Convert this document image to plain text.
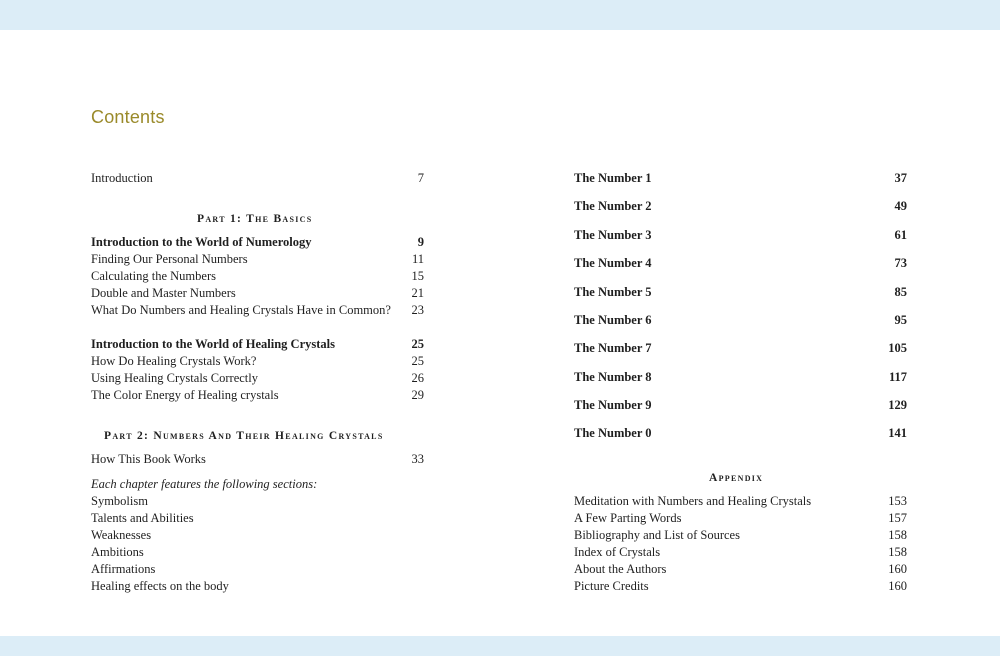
Contents
Introduction	7
Part 1: The Basics
Introduction to the World of Numerology	9
Finding Our Personal Numbers	11
Calculating the Numbers	15
Double and Master Numbers	21
What Do Numbers and Healing Crystals Have in Common? 23
Introduction to the World of Healing Crystals	25
How Do Healing Crystals Work?	25
Using Healing Crystals Correctly	26
The Color Energy of Healing crystals	29
Part 2: Numbers And Their Healing Crystals
How This Book Works	33
Each chapter features the following sections:
Symbolism
Talents and Abilities
Weaknesses
Ambitions
Affirmations
Healing effects on the body
The Number 1	37
The Number 2	49
The Number 3	61
The Number 4	73
The Number 5	85
The Number 6	95
The Number 7	105
The Number 8	117
The Number 9	129
The Number 0	141
Appendix
Meditation with Numbers and Healing Crystals	153
A Few Parting Words	157
Bibliography and List of Sources	158
Index of Crystals	158
About the Authors	160
Picture Credits	160
